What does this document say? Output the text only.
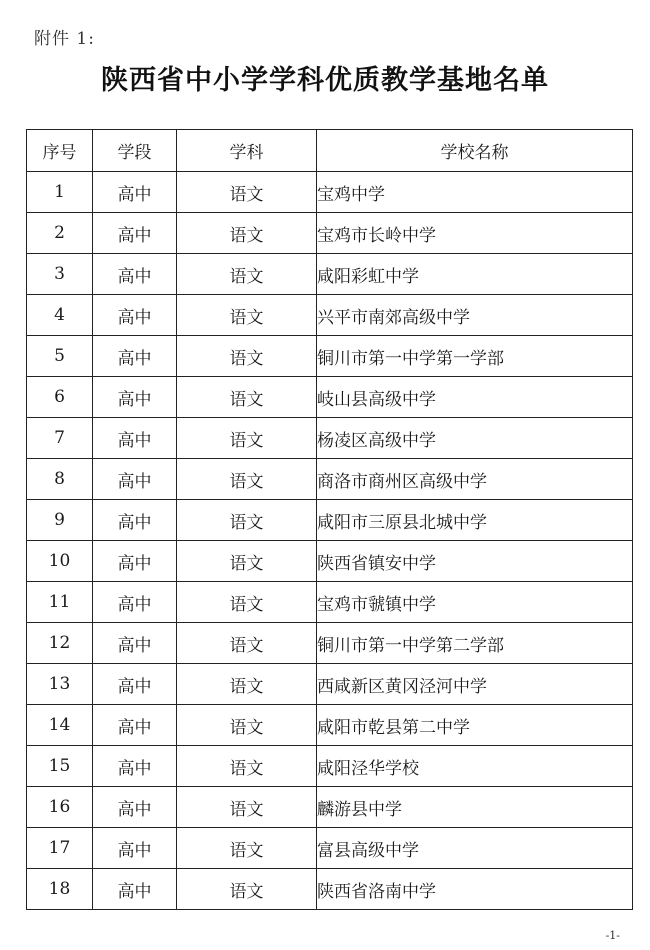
附件 1:
陕西省中小学学科优质教学基地名单
序号	学段	学科	学校名称
1	高中	语文	宝鸡中学
2	高中	语文	宝鸡市长岭中学
3	高中	语文	咸阳彩虹中学
4	高中	语文	兴平市南郊高级中学
5	高中	语文	铜川市第一中学第一学部
6	高中	语文	岐山县高级中学
7	高中	语文	杨凌区高级中学
8	高中	语文	商洛市商州区高级中学
9	高中	语文	咸阳市三原县北城中学
10	高中	语文	陕西省镇安中学
11	高中	语文	宝鸡市虢镇中学
12	高中	语文	铜川市第一中学第二学部
13	高中	语文	西咸新区黄冈泾河中学
14	高中	语文	咸阳市乾县第二中学
15	高中	语文	咸阳泾华学校
16	高中	语文	麟游县中学
17	高中	语文	富县高级中学
18	高中	语文	陕西省洛南中学
-1-
